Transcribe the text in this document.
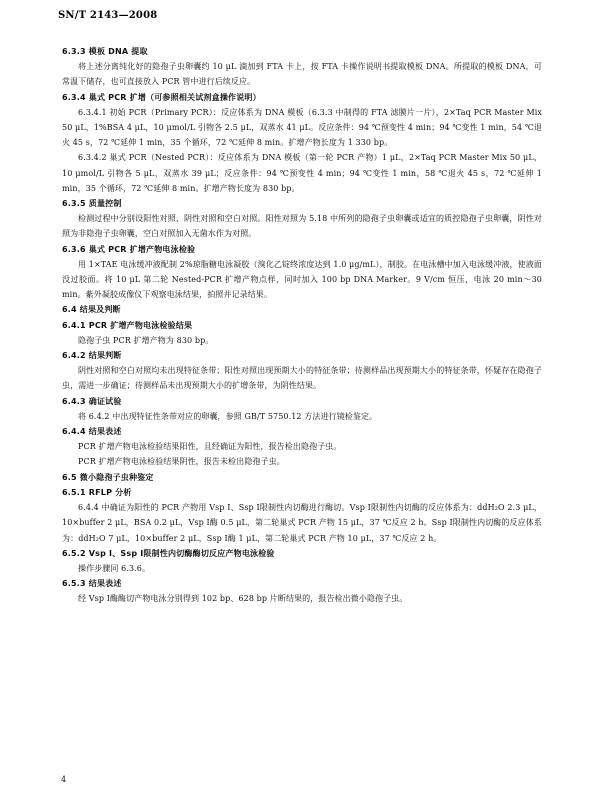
SN/T 2143—2008
6.3.3 模板 DNA 提取
将上述分离纯化好的隐孢子虫卵囊约 10 μL 滴加到 FTA 卡上，按 FTA 卡操作说明书提取模板 DNA。所提取的模板 DNA，可常温下储存，也可直接放入 PCR 管中进行后续反应。
6.3.4 巢式 PCR 扩增（可参照相关试剂盒操作说明）
6.3.4.1 初始 PCR（Primary PCR）：反应体系为 DNA 模板（6.3.3 中制得的 FTA 滤膜片一片），2×Taq PCR Master Mix 50 μL，1%BSA 4 μL，10 μmol/L 引物各 2.5 μL，双蒸水 41 μL。反应条件：94 ℃预变性 4 min；94 ℃变性 1 min，54 ℃退火 45 s，72 ℃延伸 1 min，35 个循环，72 ℃延伸 8 min。扩增产物长度为 1 330 bp。
6.3.4.2 巢式 PCR（Nested PCR）：反应体系为 DNA 模板（第一轮 PCR 产物）1 μL，2×Taq PCR Master Mix 50 μL，10 μmol/L 引物各 5 μL，双蒸水 39 μL；反应条件：94 ℃预变性 4 min；94 ℃变性 1 min，58 ℃退火 45 s，72 ℃延伸 1 min，35 个循环，72 ℃延伸 8 min。扩增产物长度为 830 bp。
6.3.5 质量控制
检测过程中分别设阳性对照、阴性对照和空白对照。阳性对照为 5.18 中所列的隐孢子虫卵囊或适宜的质控隐孢子虫卵囊，阴性对照为非隐孢子虫卵囊，空白对照加入无菌水作为对照。
6.3.6 巢式 PCR 扩增产物电泳检验
用 1×TAE 电泳缓冲液配制 2%琼脂糖电泳凝胶（溴化乙锭终浓度达到 1.0 μg/mL），制胶。在电泳槽中加入电泳缓冲液，使液面没过胶面。将 10 μL 第二轮 Nested-PCR 扩增产物点样，同时加入 100 bp DNA Marker。9 V/cm 恒压，电泳 20 min～30 min。紫外凝胶成像仪下观察电泳结果，拍照并记录结果。
6.4 结果及判断
6.4.1 PCR 扩增产物电泳检验结果
隐孢子虫 PCR 扩增产物为 830 bp。
6.4.2 结果判断
阴性对照和空白对照均未出现特征条带；阳性对照出现预期大小的特征条带；待测样品出现预期大小的特征条带，怀疑存在隐孢子虫，需进一步确证；待测样品未出现预期大小的扩增条带，为阴性结果。
6.4.3 确证试验
将 6.4.2 中出现特征性条带对应的卵囊，参照 GB/T 5750.12 方法进行镜检鉴定。
6.4.4 结果表述
PCR 扩增产物电泳检验结果阳性，且经确证为阳性，报告检出隐孢子虫。
PCR 扩增产物电泳检验结果阴性，报告未检出隐孢子虫。
6.5 微小隐孢子虫种鉴定
6.5.1 RFLP 分析
6.4.4 中确证为阳性的 PCR 产物用 Vsp Ⅰ、Ssp Ⅰ限制性内切酶进行酶切。Vsp Ⅰ限制性内切酶的反应体系为：ddH₂O 2.3 μL，10×buffer 2 μL，BSA 0.2 μL，Vsp Ⅰ酶 0.5 μL，第二轮巢式 PCR 产物 15 μL，37 ℃反应 2 h。Ssp Ⅰ限制性内切酶的反应体系为：ddH₂O 7 μL，10×buffer 2 μL，Ssp Ⅰ酶 1 μL，第二轮巢式 PCR 产物 10 μL，37 ℃反应 2 h。
6.5.2 Vsp Ⅰ、Ssp Ⅰ限制性内切酶酶切反应产物电泳检验
操作步骤同 6.3.6。
6.5.3 结果表述
经 Vsp Ⅰ酶酶切产物电泳分别得到 102 bp、628 bp 片断结果的，报告检出微小隐孢子虫。
4
